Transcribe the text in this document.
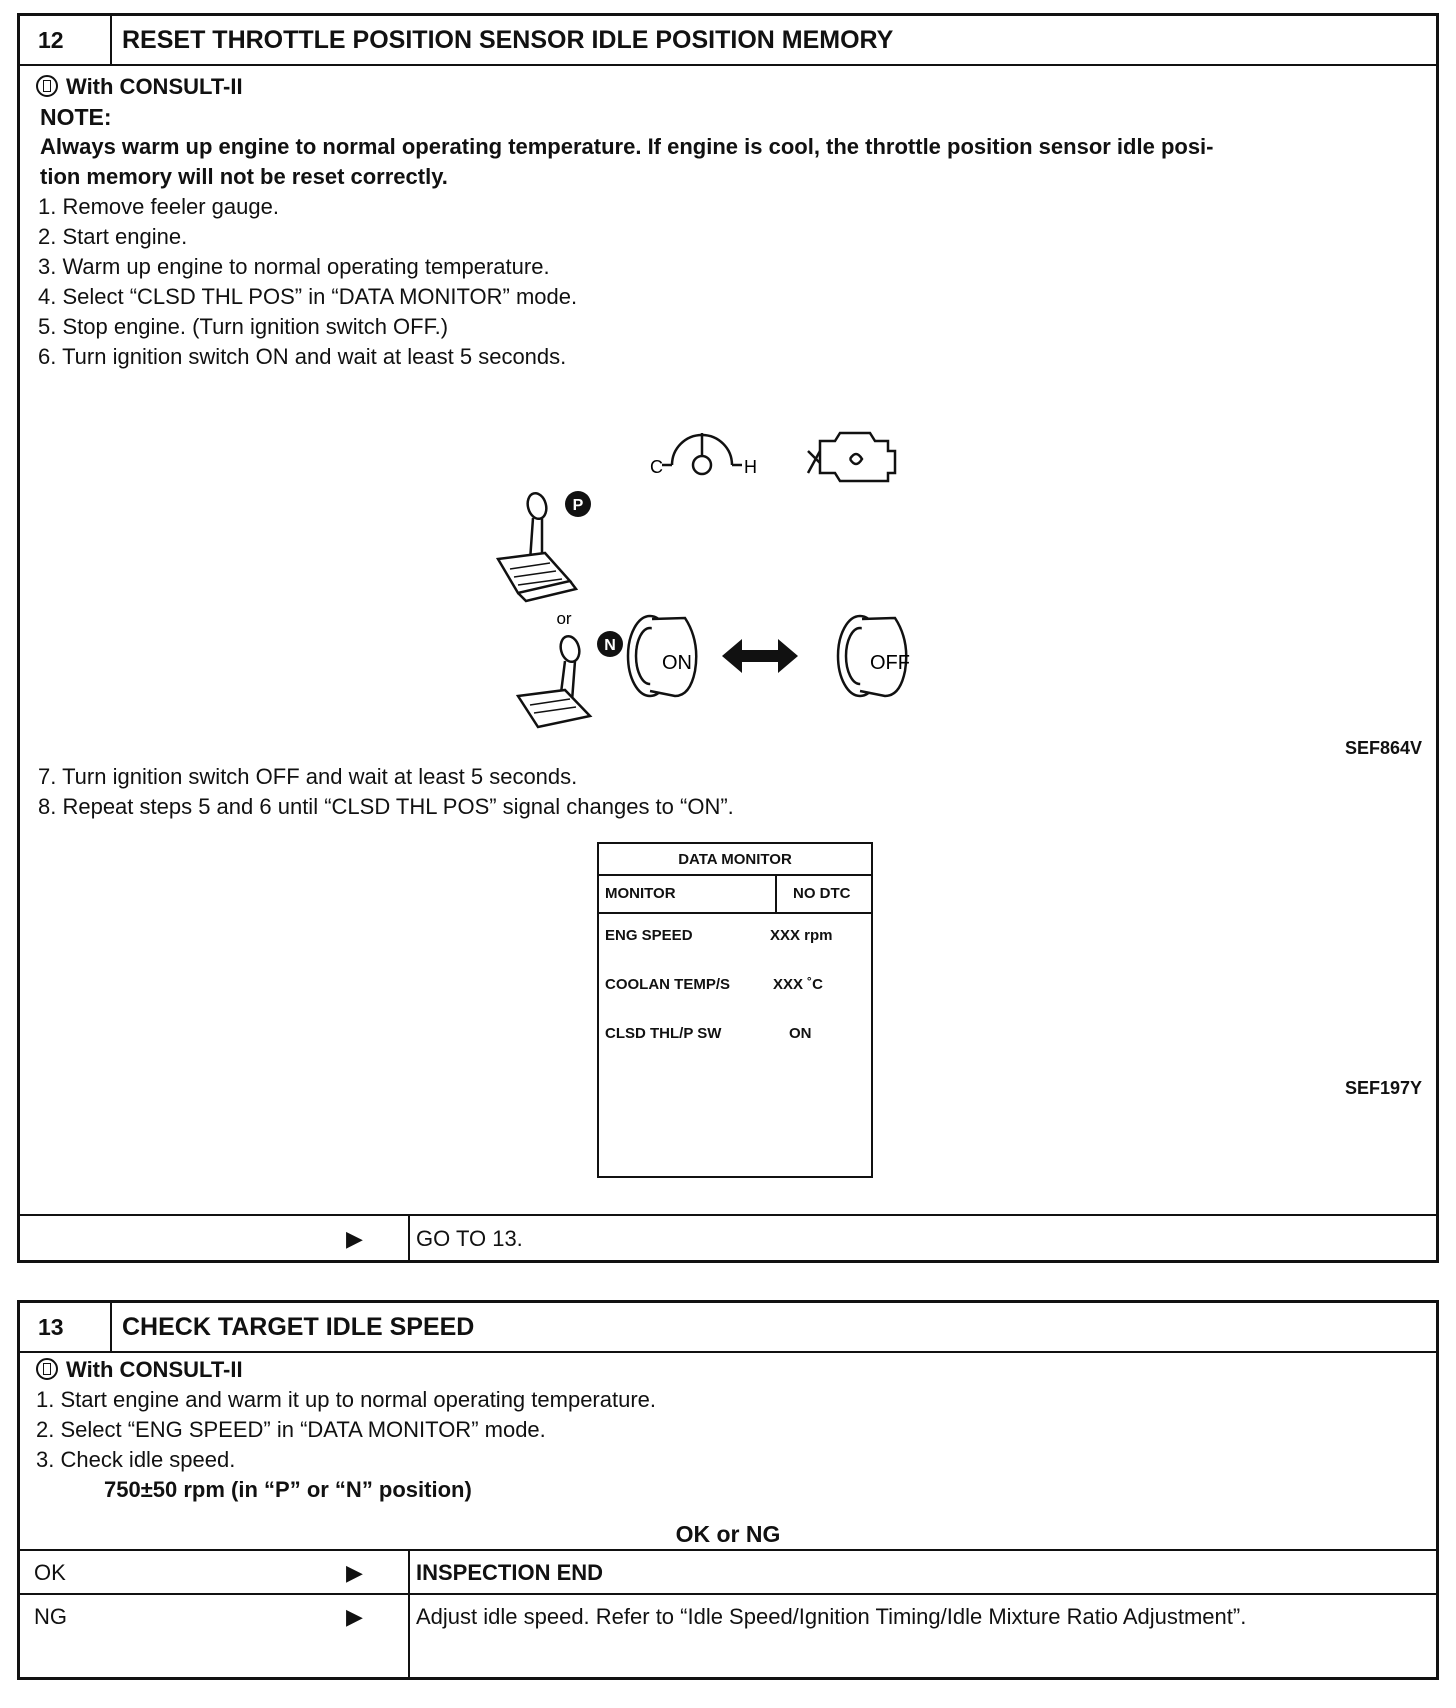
12	RESET THROTTLE POSITION SENSOR IDLE POSITION MEMORY
With CONSULT-II
NOTE:
Always warm up engine to normal operating temperature. If engine is cool, the throttle position sensor idle posi-
tion memory will not be reset correctly.
1. Remove feeler gauge.
2. Start engine.
3. Warm up engine to normal operating temperature.
4. Select “CLSD THL POS” in “DATA MONITOR” mode.
5. Stop engine. (Turn ignition switch OFF.)
6. Turn ignition switch ON and wait at least 5 seconds.
C	H
P
or
N
ON	OFF
SEF864V
7. Turn ignition switch OFF and wait at least 5 seconds.
8. Repeat steps 5 and 6 until “CLSD THL POS” signal changes to “ON”.
DATA MONITOR
MONITOR	NO DTC
ENG SPEED	XXX rpm
COOLAN TEMP/S	XXX ˚C
CLSD THL/P SW	ON
SEF197Y
▶ GO TO 13.
13	CHECK TARGET IDLE SPEED
With CONSULT-II
1. Start engine and warm it up to normal operating temperature.
2. Select “ENG SPEED” in “DATA MONITOR” mode.
3. Check idle speed.
750±50 rpm (in “P” or “N” position)
OK or NG
OK	▶ INSPECTION END
NG	▶ Adjust idle speed. Refer to “Idle Speed/Ignition Timing/Idle Mixture Ratio Adjustment”.
